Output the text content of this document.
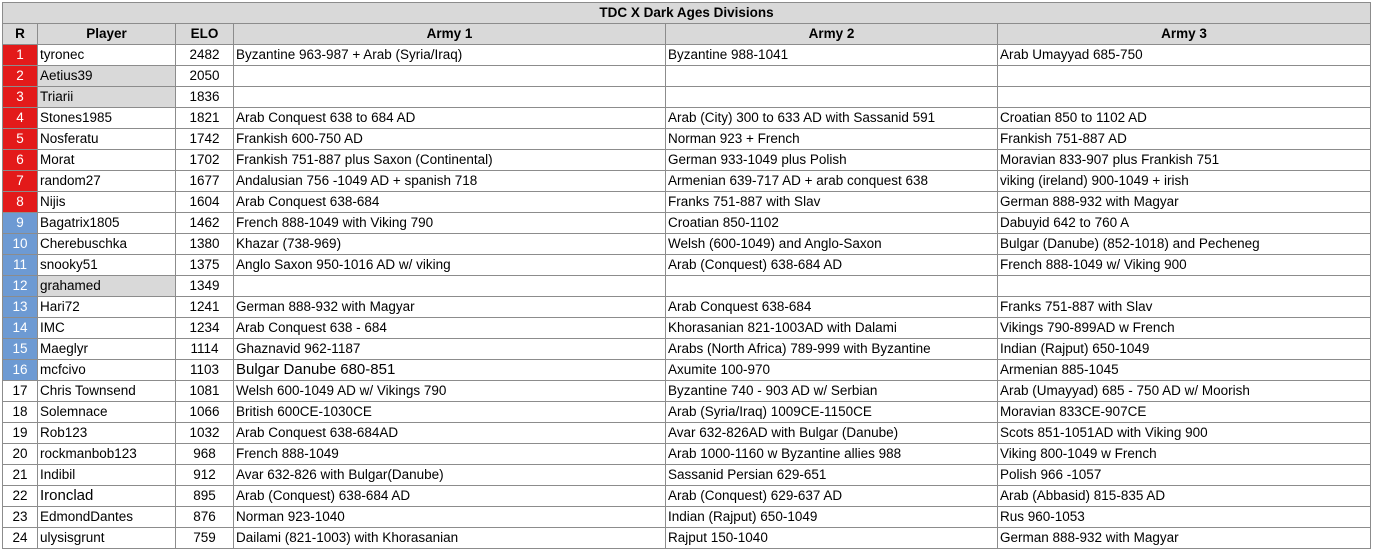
TDC X Dark Ages Divisions					
R	Player	ELO	Army 1	Army 2	Army 3
1	tyronec	2482	Byzantine 963-987 + Arab (Syria/Iraq)	Byzantine 988-1041	Arab Umayyad 685-750
2	Aetius39	2050			
3	Triarii	1836			
4	Stones1985	1821	Arab Conquest 638 to 684 AD	Arab (City) 300 to 633 AD with Sassanid 591	Croatian 850 to 1102 AD
5	Nosferatu	1742	Frankish 600-750 AD	Norman 923 + French	Frankish 751-887 AD
6	Morat	1702	Frankish 751-887 plus Saxon (Continental)	German 933-1049 plus Polish	Moravian 833-907 plus Frankish 751
7	random27	1677	Andalusian 756 -1049 AD + spanish 718	Armenian 639-717 AD + arab conquest 638	viking (ireland) 900-1049 + irish
8	Nijis	1604	Arab Conquest 638-684	Franks 751-887 with Slav	German 888-932 with Magyar
9	Bagatrix1805	1462	French 888-1049 with Viking 790	Croatian 850-1102	Dabuyid 642 to 760 A
10	Cherebuschka	1380	Khazar (738-969)	Welsh (600-1049) and Anglo-Saxon	Bulgar (Danube) (852-1018) and Pecheneg
11	snooky51	1375	Anglo Saxon 950-1016 AD w/ viking	Arab (Conquest) 638-684 AD	French 888-1049 w/ Viking 900
12	grahamed	1349			
13	Hari72	1241	German 888-932 with Magyar	Arab Conquest 638-684	Franks 751-887 with Slav
14	IMC	1234	Arab Conquest 638 - 684	Khorasanian 821-1003AD with Dalami	Vikings 790-899AD w French
15	Maeglyr	1114	Ghaznavid 962-1187	Arabs (North Africa) 789-999 with Byzantine	Indian (Rajput) 650-1049
16	mcfcivo	1103	Bulgar Danube 680-851	Axumite 100-970	Armenian 885-1045
17	Chris Townsend	1081	Welsh 600-1049 AD w/ Vikings 790	Byzantine 740 - 903 AD w/ Serbian	Arab (Umayyad) 685 - 750 AD w/ Moorish
18	Solemnace	1066	British 600CE-1030CE	Arab (Syria/Iraq) 1009CE-1150CE	Moravian 833CE-907CE
19	Rob123	1032	Arab Conquest 638-684AD	Avar 632-826AD with Bulgar (Danube)	Scots 851-1051AD with Viking 900
20	rockmanbob123	968	French 888-1049	Arab 1000-1160 w Byzantine allies 988	Viking 800-1049 w French
21	Indibil	912	Avar 632-826 with Bulgar(Danube)	Sassanid Persian 629-651	Polish 966 -1057
22	Ironclad	895	Arab (Conquest) 638-684 AD	Arab (Conquest) 629-637 AD	Arab (Abbasid) 815-835 AD
23	EdmondDantes	876	Norman 923-1040	Indian (Rajput) 650-1049	Rus 960-1053
24	ulysisgrunt	759	Dailami (821-1003) with Khorasanian	Rajput 150-1040	German 888-932 with Magyar
